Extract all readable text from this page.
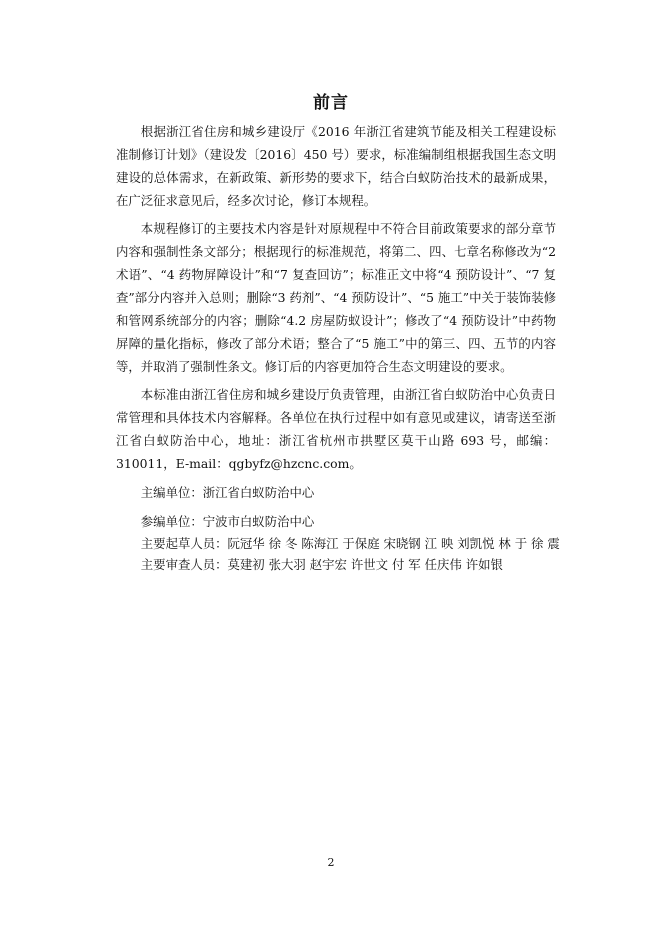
前言

根据浙江省住房和城乡建设厅《2016 年浙江省建筑节能及相关工程建设标准制修订计划》（建设发〔2016〕450 号）要求，标准编制组根据我国生态文明建设的总体需求，在新政策、新形势的要求下，结合白蚁防治技术的最新成果，在广泛征求意见后，经多次讨论，修订本规程。

本规程修订的主要技术内容是针对原规程中不符合目前政策要求的部分章节内容和强制性条文部分；根据现行的标准规范，将第二、四、七章名称修改为“2 术语”、“4 药物屏障设计”和“7 复查回访”；标准正文中将“4 预防设计”、“7 复查”部分内容并入总则；删除“3 药剂”、“4 预防设计”、“5 施工”中关于装饰装修和管网系统部分的内容；删除“4.2 房屋防蚁设计”；修改了“4 预防设计”中药物屏障的量化指标，修改了部分术语；整合了“5 施工”中的第三、四、五节的内容等，并取消了强制性条文。修订后的内容更加符合生态文明建设的要求。

本标准由浙江省住房和城乡建设厅负责管理，由浙江省白蚁防治中心负责日常管理和具体技术内容解释。各单位在执行过程中如有意见或建议，请寄送至浙江省白蚁防治中心，地址：浙江省杭州市拱墅区莫干山路 693 号，邮编：310011，E-mail：qgbyfz@hzcnc.com。

主编单位：浙江省白蚁防治中心
参编单位：宁波市白蚁防治中心
主要起草人员：阮冠华 徐 冬 陈海江 于保庭 宋晓钢 江 映 刘凯悦 林 于 徐 震
主要审查人员：莫建初 张大羽 赵宇宏 许世文 付 军 任庆伟 许如银
2
